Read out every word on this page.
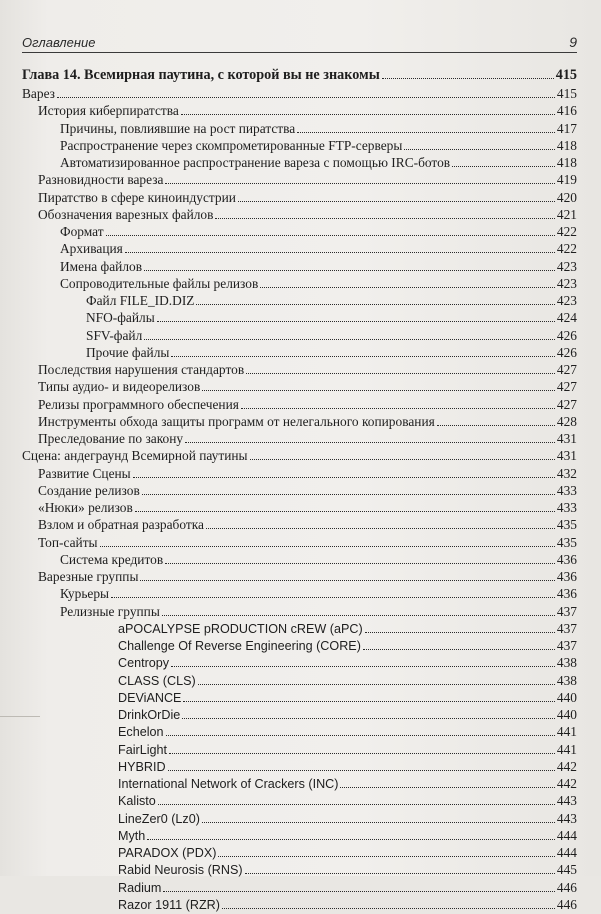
Оглавление	9
Глава 14. Всемирная паутина, с которой вы не знакомы	415
Варез	415
История киберпиратства	416
Причины, повлиявшие на рост пиратства	417
Распространение через скомпрометированные FTP-серверы	418
Автоматизированное распространение вареза с помощью IRC-ботов	418
Разновидности вареза	419
Пиратство в сфере киноиндустрии	420
Обозначения варезных файлов	421
Формат	422
Архивация	422
Имена файлов	423
Сопроводительные файлы релизов	423
Файл FILE_ID.DIZ	423
NFO-файлы	424
SFV-файл	426
Прочие файлы	426
Последствия нарушения стандартов	427
Типы аудио- и видеорелизов	427
Релизы программного обеспечения	427
Инструменты обхода защиты программ от нелегального копирования	428
Преследование по закону	431
Сцена: андеграунд Всемирной паутины	431
Развитие Сцены	432
Создание релизов	433
«Нюки» релизов	433
Взлом и обратная разработка	435
Топ-сайты	435
Система кредитов	436
Варезные группы	436
Курьеры	436
Релизные группы	437
aPOCALYPSE pRODUCTION cREW (aPC)	437
Challenge Of Reverse Engineering (CORE)	437
Centropy	438
CLASS (CLS)	438
DEViANCE	440
DrinkOrDie	440
Echelon	441
FairLight	441
HYBRID	442
International Network of Crackers (INC)	442
Kalisto	443
LineZer0 (Lz0)	443
Myth	444
PARADOX (PDX)	444
Rabid Neurosis (RNS)	445
Radium	446
Razor 1911 (RZR)	446
